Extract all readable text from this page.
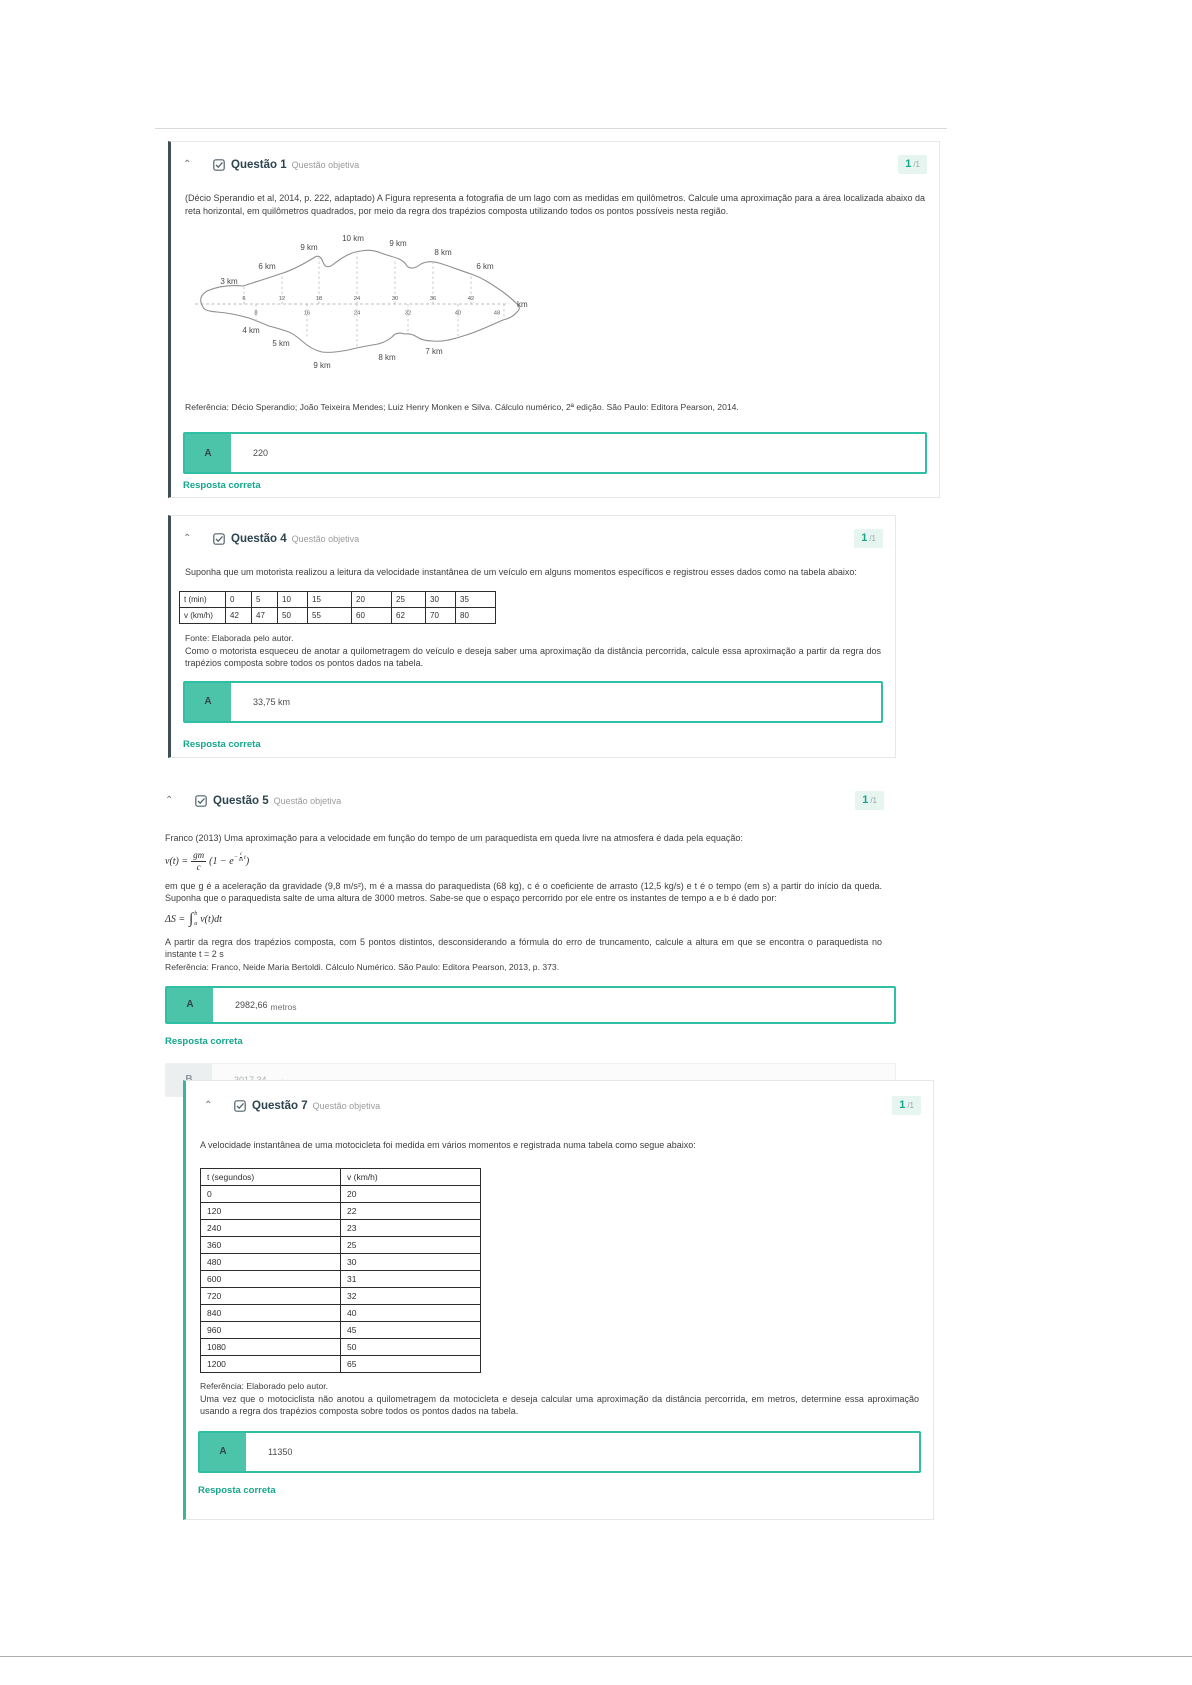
⌃	Questão 1 Questão objetiva	1 /1
(Décio Sperandio et al, 2014, p. 222, adaptado) A Figura representa a fotografia de um lago com as medidas em quilômetros. Calcule uma aproximação para a área localizada abaixo da reta horizontal, em quilômetros quadrados, por meio da regra dos trapézios composta utilizando todos os pontos possíveis nesta região.
6	12	18	24	30	36	42
8	16	24	32	40	48
km
3 km
6 km
9 km
10 km
9 km
8 km
6 km
4 km
5 km
9 km
8 km
7 km
Referência: Décio Sperandio; João Teixeira Mendes; Luiz Henry Monken e Silva. Cálculo numérico, 2ª edição. São Paulo: Editora Pearson, 2014.
A	220
Resposta correta
⌃	Questão 4 Questão objetiva	1 /1
Suponha que um motorista realizou a leitura da velocidade instantânea de um veículo em alguns momentos específicos e registrou esses dados como na tabela abaixo:
t (min)	0	5	10	15	20	25	30	35
v (km/h)	42	47	50	55	60	62	70	80
Fonte: Elaborada pelo autor.
Como o motorista esqueceu de anotar a quilometragem do veículo e deseja saber uma aproximação da distância percorrida, calcule essa aproximação a partir da regra dos trapézios composta sobre todos os pontos dados na tabela.
A	33,75 km
Resposta correta
⌃	Questão 5 Questão objetiva	1 /1
Franco (2013) Uma aproximação para a velocidade em função do tempo de um paraquedista em queda livre na atmosfera é dada pela equação:
$v(t) = \frac{gm}{c} (1 - e$ $^{- \frac{c}{m} t}$ )
em que g é a aceleração da gravidade (9,8 m/s²), m é a massa do paraquedista (68 kg), c é o coeficiente de arrasto (12,5 kg/s) e t é o tempo (em s) a partir do início da queda. Suponha que o paraquedista salte de uma altura de 3000 metros. Sabe-se que o espaço percorrido por ele entre os instantes de tempo a e b é dado por:
ΔS = ∫ b
a v(t)dt
A partir da regra dos trapézios composta, com 5 pontos distintos, desconsiderando a fórmula do erro de truncamento, calcule a altura em que se encontra o paraquedista no instante t = 2 s
Referência: Franco, Neide Maria Bertoldi. Cálculo Numérico. São Paulo: Editora Pearson, 2013, p. 373.
A	2982,66 metros
Resposta correta
⌃	Questão 7 Questão objetiva	1 /1
A velocidade instantânea de uma motocicleta foi medida em vários momentos e registrada numa tabela como segue abaixo:
t (segundos)	v (km/h)
0	20
120	22
240	23
360	25
480	30
600	31
720	32
840	40
960	45
1080	50
1200	65
Referência: Elaborado pelo autor.
Uma vez que o motociclista não anotou a quilometragem da motocicleta e deseja calcular uma aproximação da distância percorrida, em metros, determine essa aproximação usando a regra dos trapézios composta sobre todos os pontos dados na tabela.
A	11350
Resposta correta
